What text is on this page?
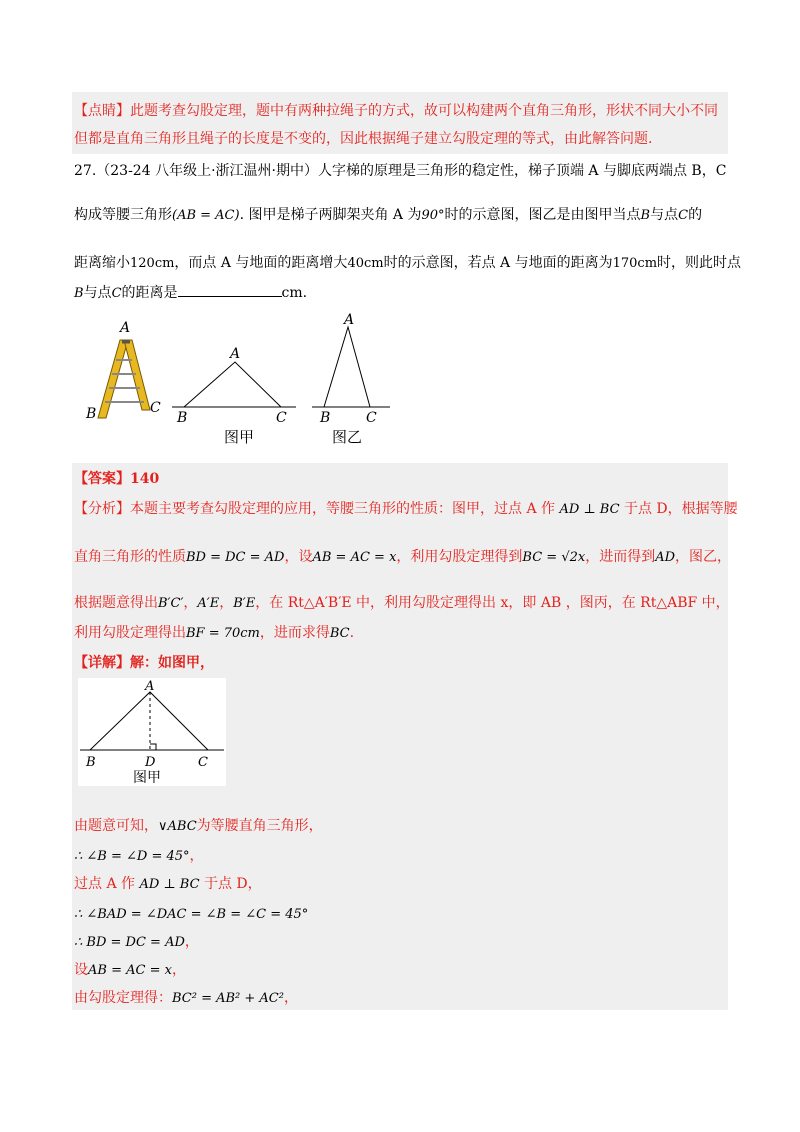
【点睛】此题考查勾股定理，题中有两种拉绳子的方式，故可以构建两个直角三角形，形状不同大小不同
但都是直角三角形且绳子的长度是不变的，因此根据绳子建立勾股定理的等式，由此解答问题.
27.（23-24 八年级上·浙江温州·期中）人字梯的原理是三角形的稳定性，梯子顶端 A 与脚底两端点 B，C
构成等腰三角形(AB = AC). 图甲是梯子两脚架夹角 A 为90°时的示意图，图乙是由图甲当点B与点C的
距离缩小120cm，而点 A 与地面的距离增大40cm时的示意图，若点 A 与地面的距离为170cm时，则此时点
B与点C的距离是	cm.
A
B	C
A
B	C
图甲
A
B	C
图乙
【答案】140
【分析】本题主要考查勾股定理的应用，等腰三角形的性质：图甲，过点 A 作 AD ⊥ BC 于点 D，根据等腰
直角三角形的性质BD = DC = AD，设AB = AC = x，利用勾股定理得到BC = √2x，进而得到AD，图乙，
根据题意得出B′C′，A′E，B′E，在 Rt△A′B′E 中，利用勾股定理得出 x，即 AB ，图丙，在 Rt△ABF 中，
利用勾股定理得出BF = 70cm，进而求得BC.
【详解】解：如图甲，
A
B	D	C
图甲
由题意可知，∨ABC为等腰直角三角形，
∴ ∠B = ∠D = 45°，
过点 A 作 AD ⊥ BC 于点 D，
∴ ∠BAD = ∠DAC = ∠B = ∠C = 45°
∴ BD = DC = AD，
设AB = AC = x，
由勾股定理得：BC² = AB² + AC²，
